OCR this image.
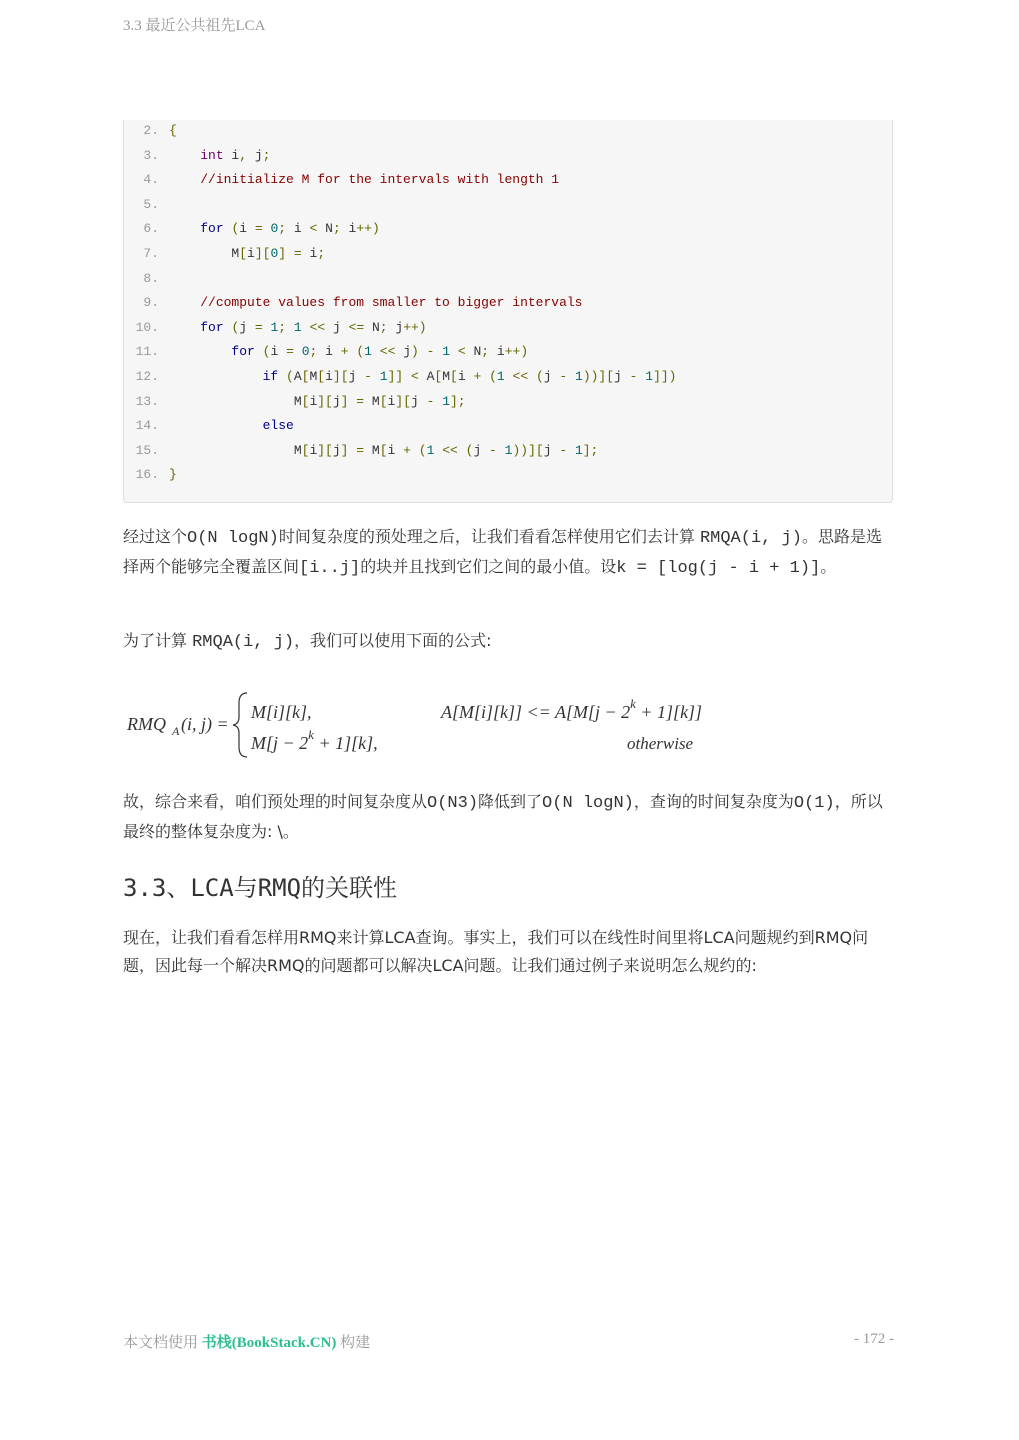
3.3 最近公共祖先LCA
2. {
3.	int i, j;
4.	//initialize M for the intervals with length 1
5.
6.	for (i = 0; i < N; i++)
7.        M[i][0] = i;
8.
9.	//compute values from smaller to bigger intervals
10.	for (j = 1; 1 << j <= N; j++)
11.	for (i = 0; i + (1 << j) - 1 < N; i++)
12.	if (A[M[i][j - 1]] < A[M[i + (1 << (j - 1))][j - 1]])
13.                M[i][j] = M[i][j - 1];
14.	else
15.                M[i][j] = M[i + (1 << (j - 1))][j - 1];
16. }

经过这个O(N logN)时间复杂度的预处理之后，让我们看看怎样使用它们去计算 RMQA(i, j)。思路是选择两个能够完全覆盖区间[i..j]的块并且找到它们之间的最小值。设k = [log(j - i + 1)]。

为了计算 RMQA(i, j)，我们可以使用下面的公式:

RMQ A (i, j) =
M[i][k],	$A[M[i][k]] <= A[M[j - 2^k + 1][k]]$
$M[j - 2^k + 1][k]$,	otherwise

故，综合来看，咱们预处理的时间复杂度从O(N3)降低到了O(N logN)，查询的时间复杂度为O(1)，所以最终的整体复杂度为: \。

3.3、LCA与RMQ的关联性

现在，让我们看看怎样用RMQ来计算LCA查询。事实上，我们可以在线性时间里将LCA问题规约到RMQ问题，因此每一个解决RMQ的问题都可以解决LCA问题。让我们通过例子来说明怎么规约的:

本文档使用 书栈(BookStack.CN) 构建	- 172 -
